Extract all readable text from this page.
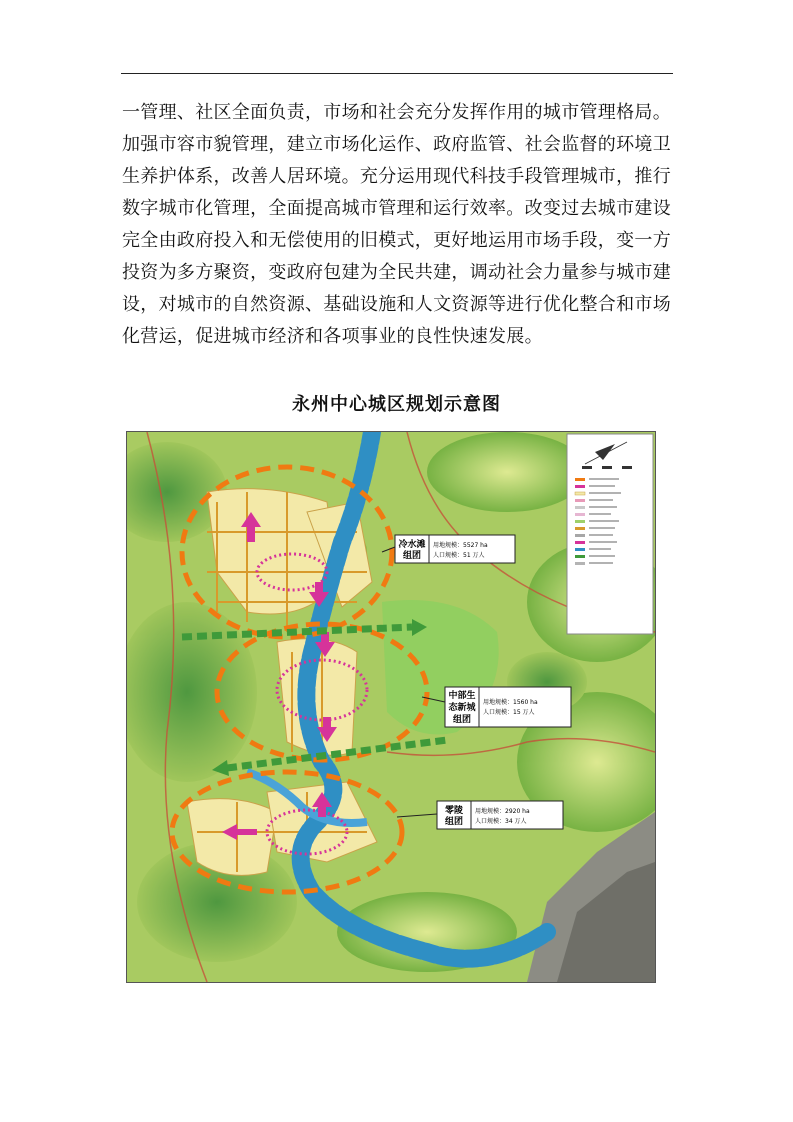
一管理、社区全面负责，市场和社会充分发挥作用的城市管理格局。
加强市容市貌管理，建立市场化运作、政府监管、社会监督的环境卫
生养护体系，改善人居环境。充分运用现代科技手段管理城市，推行
数字城市化管理，全面提高城市管理和运行效率。改变过去城市建设
完全由政府投入和无偿使用的旧模式，更好地运用市场手段，变一方
投资为多方聚资，变政府包建为全民共建，调动社会力量参与城市建
设，对城市的自然资源、基础设施和人文资源等进行优化整合和市场
化营运，促进城市经济和各项事业的良性快速发展。
永州中心城区规划示意图
冷水滩
组团
用地规模：5527 ha
人口规模：51 万人
中部生
态新城
组团
用地规模：1560 ha
人口规模：15 万人
零陵
组团
用地规模：2920 ha
人口规模：34 万人
